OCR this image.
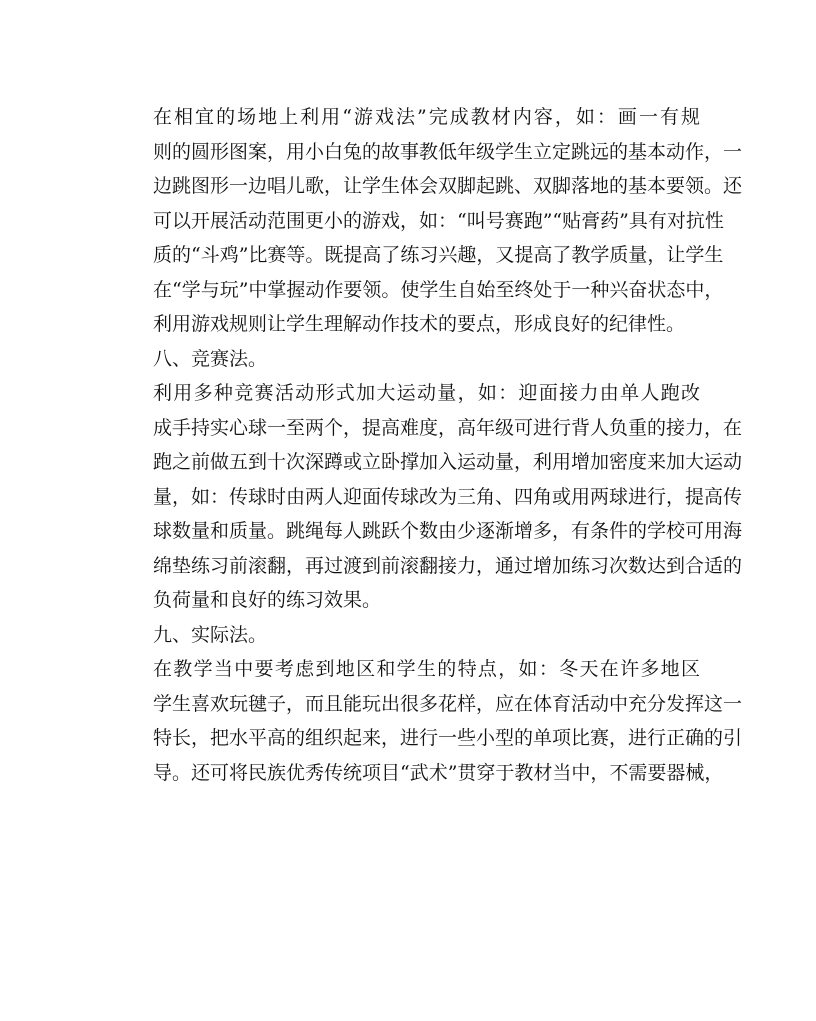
在相宜的场地上利用“游戏法”完成教材内容，如：画一有规
则的圆形图案，用小白兔的故事教低年级学生立定跳远的基本动作，一
边跳图形一边唱儿歌，让学生体会双脚起跳、双脚落地的基本要领。还
可以开展活动范围更小的游戏，如：“叫号赛跑”“贴膏药”具有对抗性
质的“斗鸡”比赛等。既提高了练习兴趣，又提高了教学质量，让学生
在“学与玩”中掌握动作要领。使学生自始至终处于一种兴奋状态中，
利用游戏规则让学生理解动作技术的要点，形成良好的纪律性。
八、竞赛法。
利用多种竞赛活动形式加大运动量，如：迎面接力由单人跑改
成手持实心球一至两个，提高难度，高年级可进行背人负重的接力，在
跑之前做五到十次深蹲或立卧撑加入运动量，利用增加密度来加大运动
量，如：传球时由两人迎面传球改为三角、四角或用两球进行，提高传
球数量和质量。跳绳每人跳跃个数由少逐渐增多，有条件的学校可用海
绵垫练习前滚翻，再过渡到前滚翻接力，通过增加练习次数达到合适的
负荷量和良好的练习效果。
九、实际法。
在教学当中要考虑到地区和学生的特点，如：冬天在许多地区
学生喜欢玩毽子，而且能玩出很多花样，应在体育活动中充分发挥这一
特长，把水平高的组织起来，进行一些小型的单项比赛，进行正确的引
导。还可将民族优秀传统项目“武术”贯穿于教材当中，不需要器械，
